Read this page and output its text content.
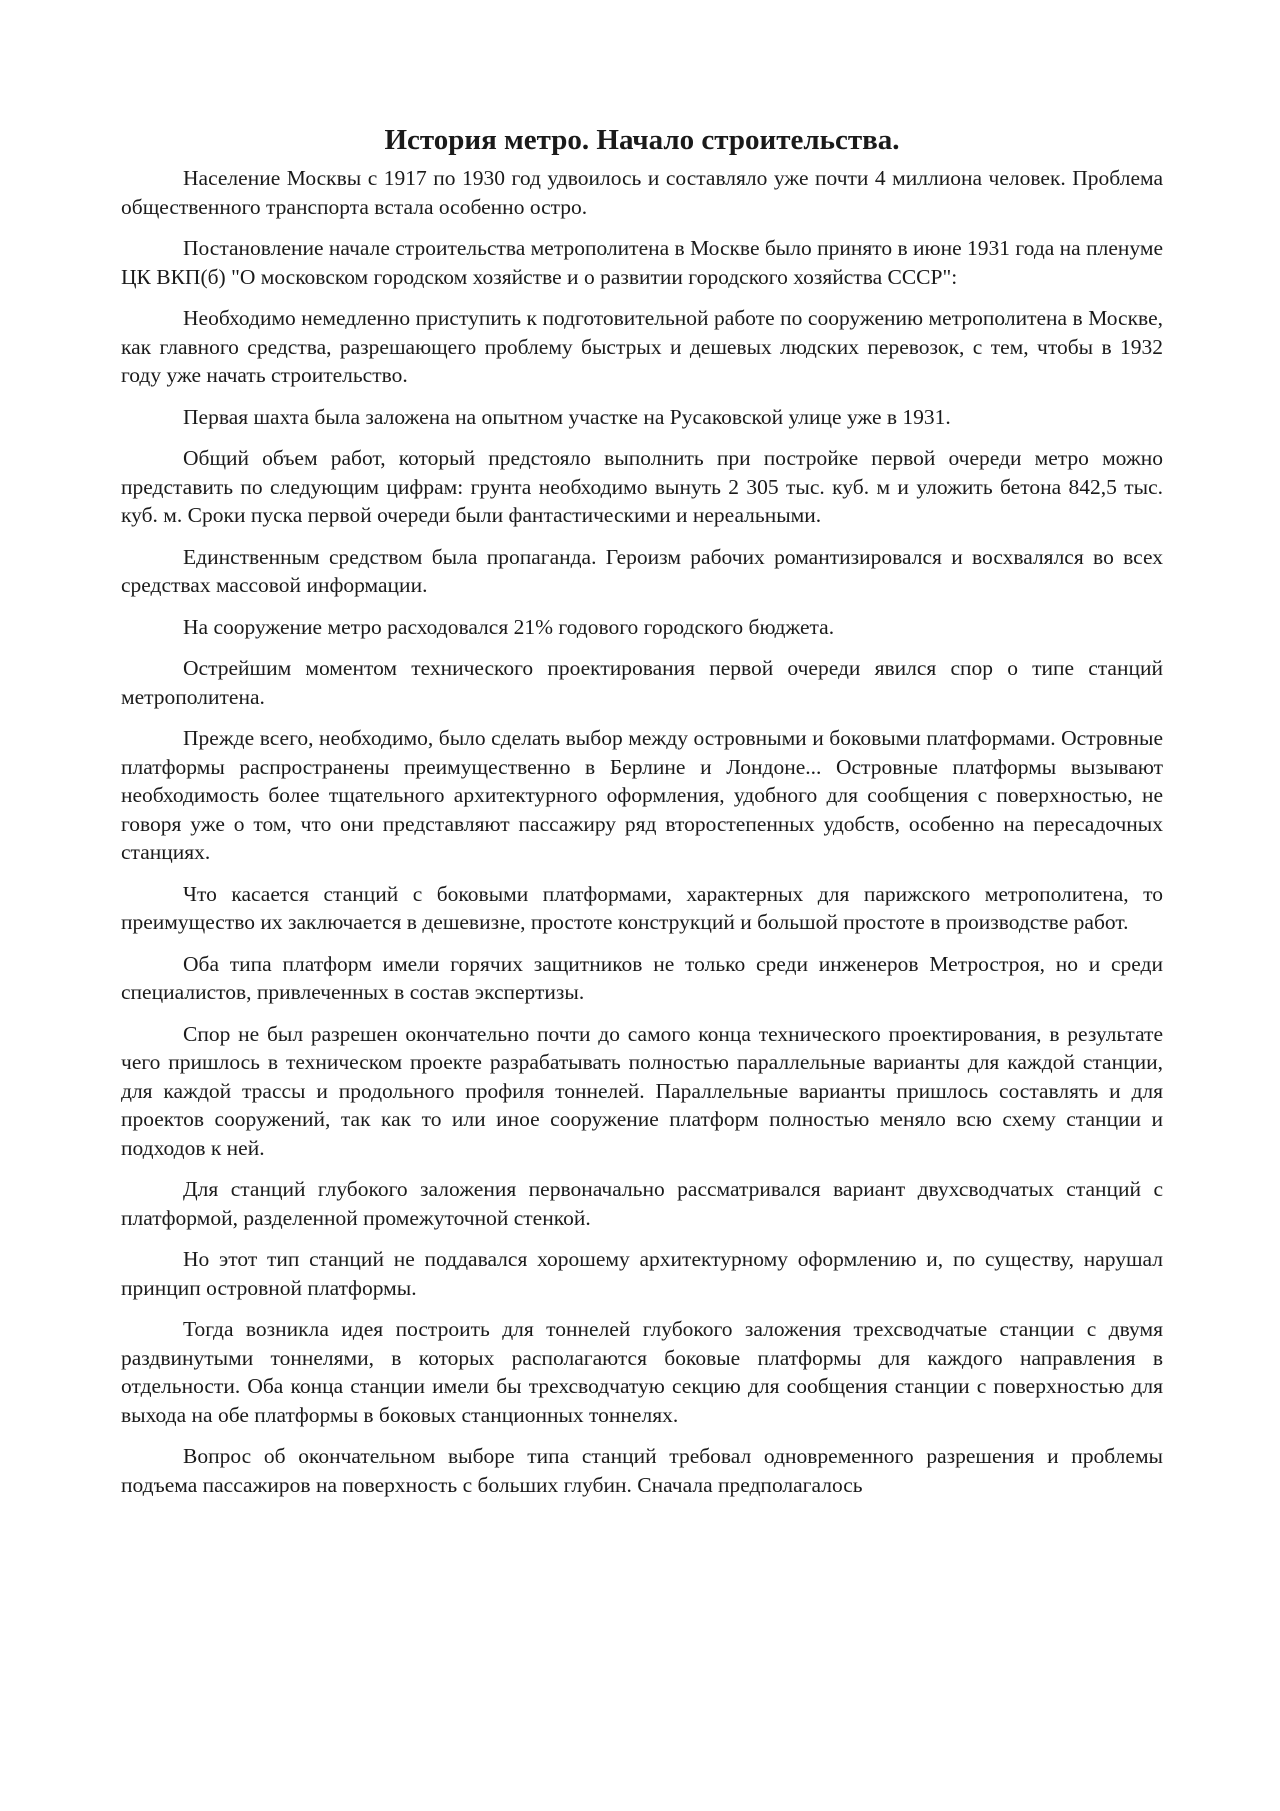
История метро. Начало строительства.

Население Москвы с 1917 по 1930 год удвоилось и составляло уже почти 4 миллиона человек. Проблема общественного транспорта встала особенно остро.

Постановление начале строительства метрополитена в Москве было принято в июне 1931 года на пленуме ЦК ВКП(б) "О московском городском хозяйстве и о развитии городского хозяйства СССР":

Необходимо немедленно приступить к подготовительной работе по сооружению метрополитена в Москве, как главного средства, разрешающего проблему быстрых и дешевых людских перевозок, с тем, чтобы в 1932 году уже начать строительство.

Первая шахта была заложена на опытном участке на Русаковской улице уже в 1931.

Общий объем работ, который предстояло выполнить при постройке первой очереди метро можно представить по следующим цифрам: грунта необходимо вынуть 2 305 тыс. куб. м и уложить бетона 842,5 тыс. куб. м. Сроки пуска первой очереди были фантастическими и нереальными.

Единственным средством была пропаганда. Героизм рабочих романтизировался и восхвалялся во всех средствах массовой информации.

На сооружение метро расходовался 21% годового городского бюджета.

Острейшим моментом технического проектирования первой очереди явился спор о типе станций метрополитена.

Прежде всего, необходимо, было сделать выбор между островными и боковыми платформами. Островные платформы распространены преимущественно в Берлине и Лондоне... Островные платформы вызывают необходимость более тщательного архитектурного оформления, удобного для сообщения с поверхностью, не говоря уже о том, что они представляют пассажиру ряд второстепенных удобств, особенно на пересадочных станциях.

Что касается станций с боковыми платформами, характерных для парижского метрополитена, то преимущество их заключается в дешевизне, простоте конструкций и большой простоте в производстве работ.

Оба типа платформ имели горячих защитников не только среди инженеров Метростроя, но и среди специалистов, привлеченных в состав экспертизы.

Спор не был разрешен окончательно почти до самого конца технического проектирования, в результате чего пришлось в техническом проекте разрабатывать полностью параллельные варианты для каждой станции, для каждой трассы и продольного профиля тоннелей. Параллельные варианты пришлось составлять и для проектов сооружений, так как то или иное сооружение платформ полностью меняло всю схему станции и подходов к ней.

Для станций глубокого заложения первоначально рассматривался вариант двухсводчатых станций с платформой, разделенной промежуточной стенкой.

Но этот тип станций не поддавался хорошему архитектурному оформлению и, по существу, нарушал принцип островной платформы.

Тогда возникла идея построить для тоннелей глубокого заложения трехсводчатые станции с двумя раздвинутыми тоннелями, в которых располагаются боковые платформы для каждого направления в отдельности. Оба конца станции имели бы трехсводчатую секцию для сообщения станции с поверхностью для выхода на обе платформы в боковых станционных тоннелях.

Вопрос об окончательном выборе типа станций требовал одновременного разрешения и проблемы подъема пассажиров на поверхность с больших глубин. Сначала предполагалось
